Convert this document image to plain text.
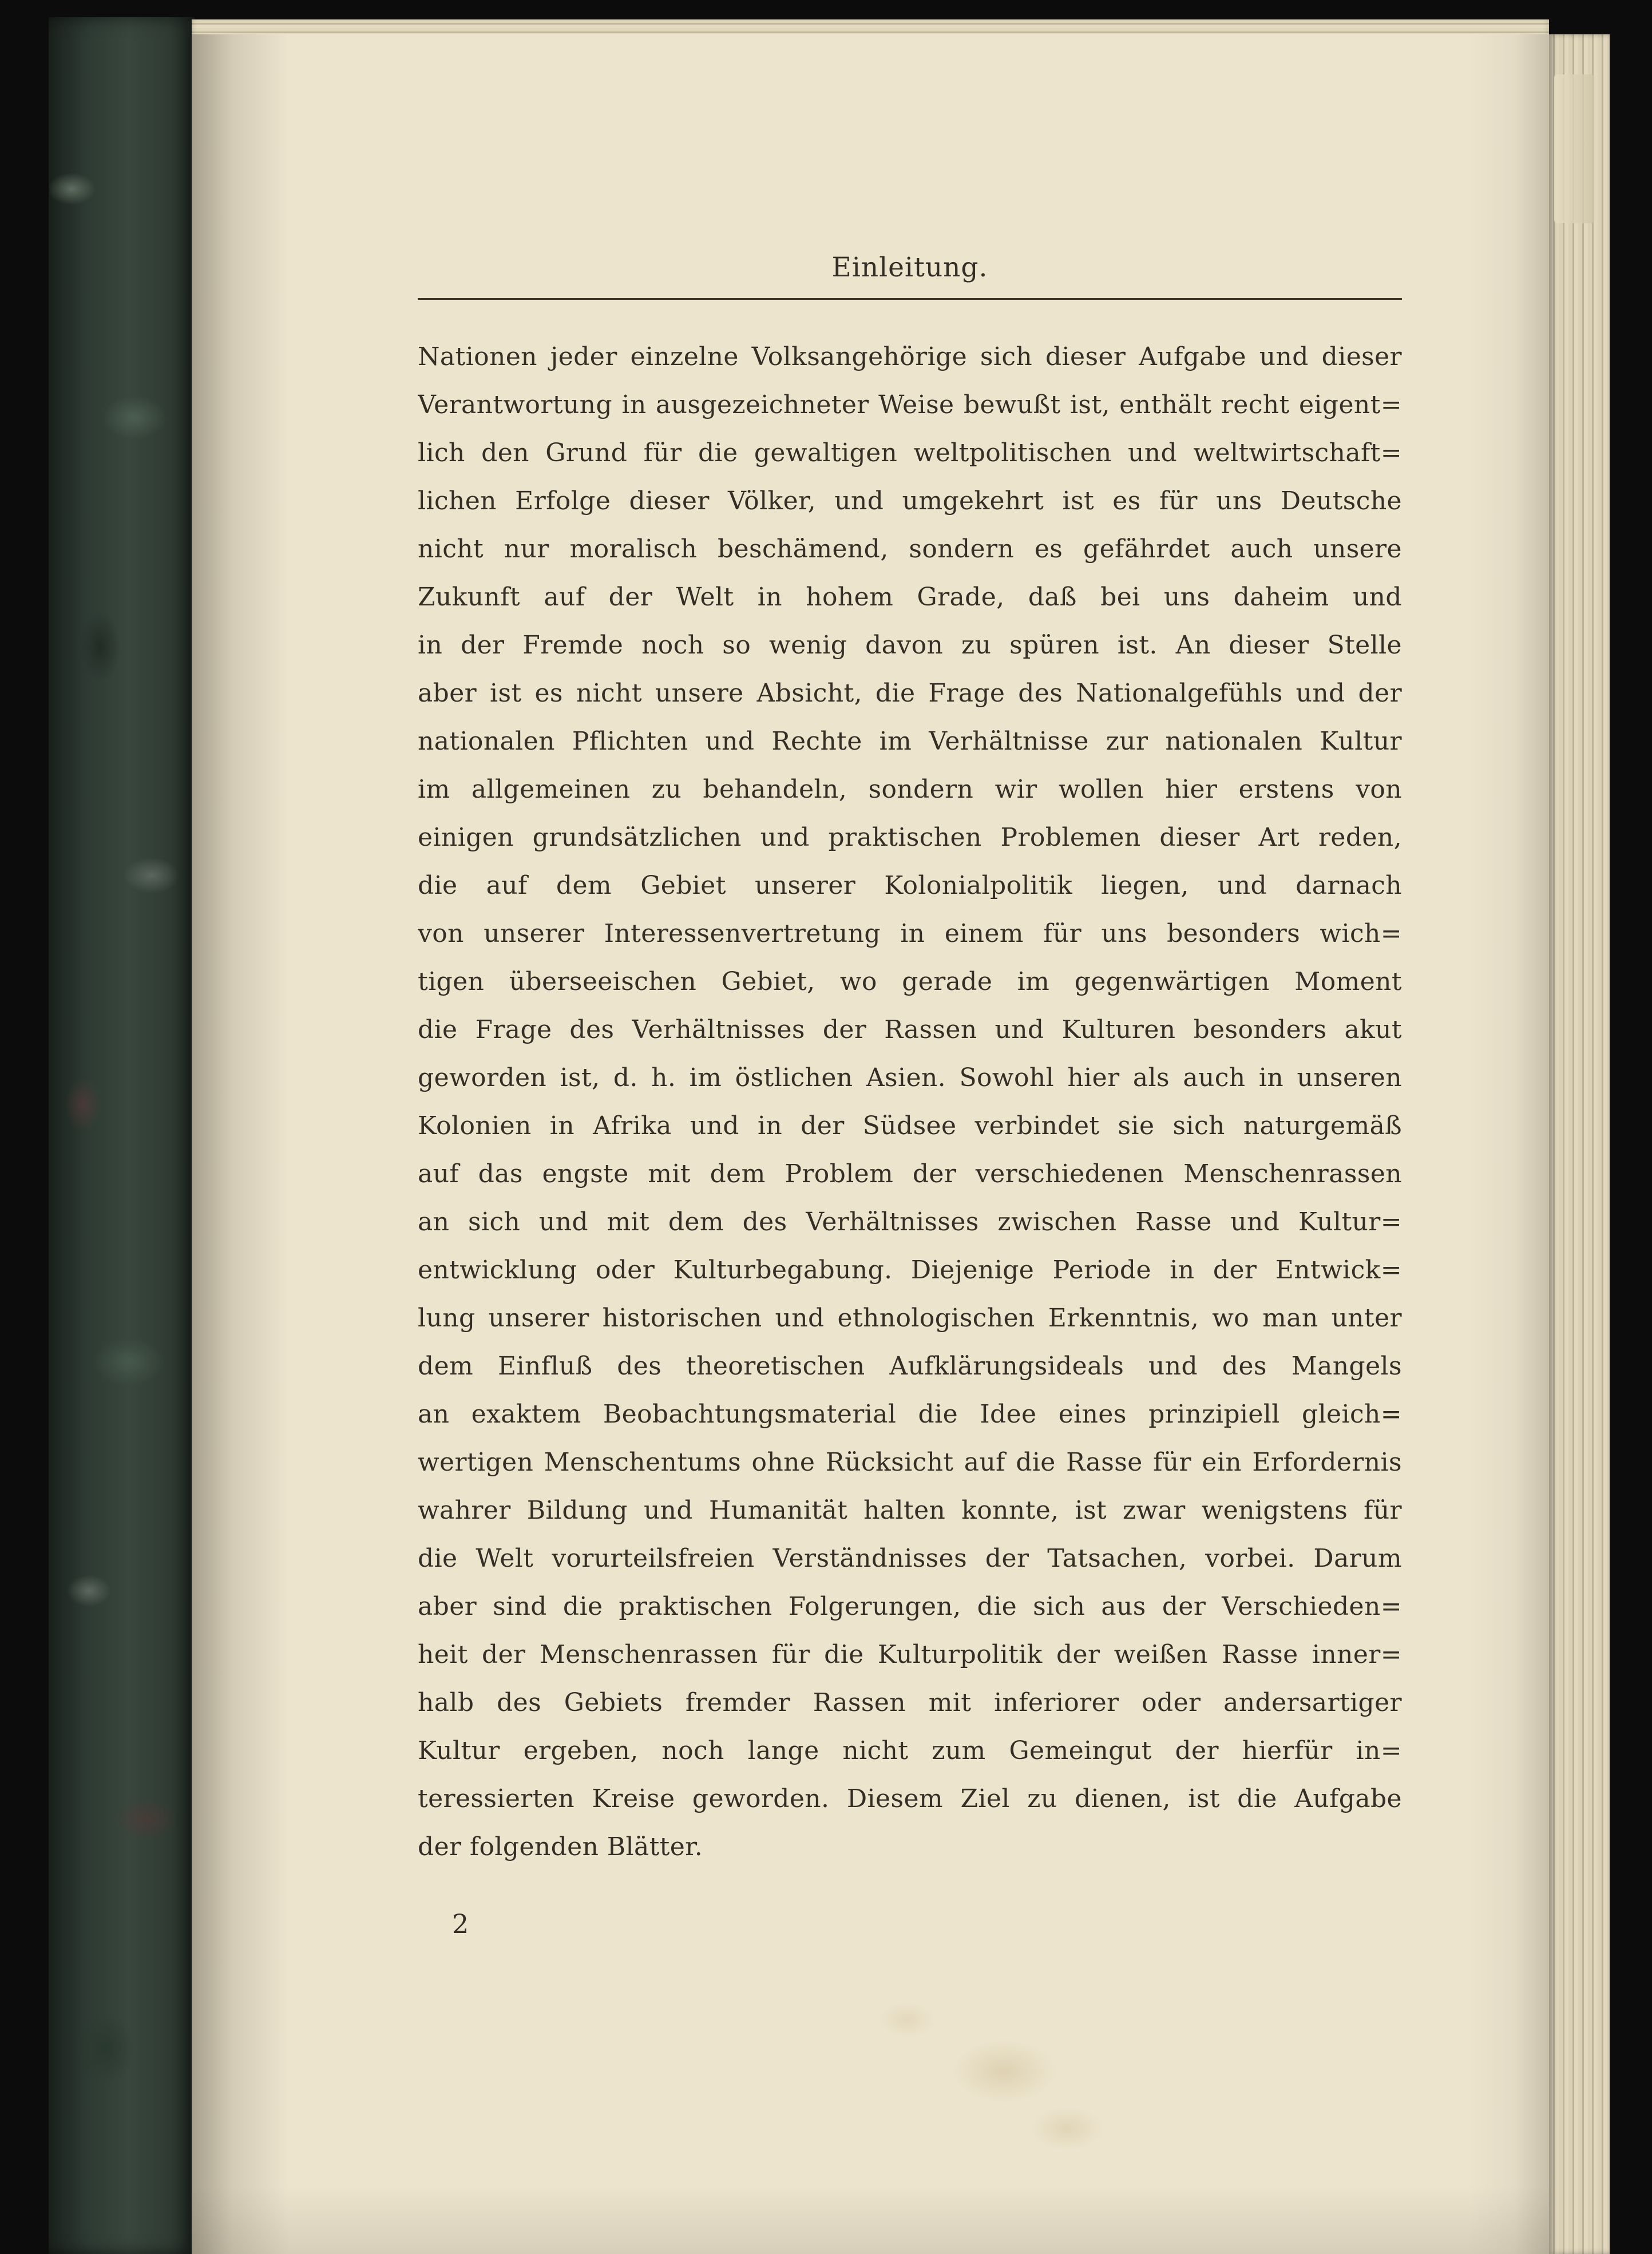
Einleitung.
Nationen jeder einzelne Volksangehörige sich dieser Aufgabe und dieser
Verantwortung in ausgezeichneter Weise bewußt ist, enthält recht eigent=
lich den Grund für die gewaltigen weltpolitischen und weltwirtschaft=
lichen Erfolge dieser Völker, und umgekehrt ist es für uns Deutsche
nicht nur moralisch beschämend, sondern es gefährdet auch unsere
Zukunft auf der Welt in hohem Grade, daß bei uns daheim und
in der Fremde noch so wenig davon zu spüren ist. An dieser Stelle
aber ist es nicht unsere Absicht, die Frage des Nationalgefühls und der
nationalen Pflichten und Rechte im Verhältnisse zur nationalen Kultur
im allgemeinen zu behandeln, sondern wir wollen hier erstens von
einigen grundsätzlichen und praktischen Problemen dieser Art reden,
die auf dem Gebiet unserer Kolonialpolitik liegen, und darnach
von unserer Interessenvertretung in einem für uns besonders wich=
tigen überseeischen Gebiet, wo gerade im gegenwärtigen Moment
die Frage des Verhältnisses der Rassen und Kulturen besonders akut
geworden ist, d. h. im östlichen Asien. Sowohl hier als auch in unseren
Kolonien in Afrika und in der Südsee verbindet sie sich naturgemäß
auf das engste mit dem Problem der verschiedenen Menschenrassen
an sich und mit dem des Verhältnisses zwischen Rasse und Kultur=
entwicklung oder Kulturbegabung. Diejenige Periode in der Entwick=
lung unserer historischen und ethnologischen Erkenntnis, wo man unter
dem Einfluß des theoretischen Aufklärungsideals und des Mangels
an exaktem Beobachtungsmaterial die Idee eines prinzipiell gleich=
wertigen Menschentums ohne Rücksicht auf die Rasse für ein Erfordernis
wahrer Bildung und Humanität halten konnte, ist zwar wenigstens für
die Welt vorurteilsfreien Verständnisses der Tatsachen, vorbei. Darum
aber sind die praktischen Folgerungen, die sich aus der Verschieden=
heit der Menschenrassen für die Kulturpolitik der weißen Rasse inner=
halb des Gebiets fremder Rassen mit inferiorer oder andersartiger
Kultur ergeben, noch lange nicht zum Gemeingut der hierfür in=
teressierten Kreise geworden. Diesem Ziel zu dienen, ist die Aufgabe
der folgenden Blätter.
2
